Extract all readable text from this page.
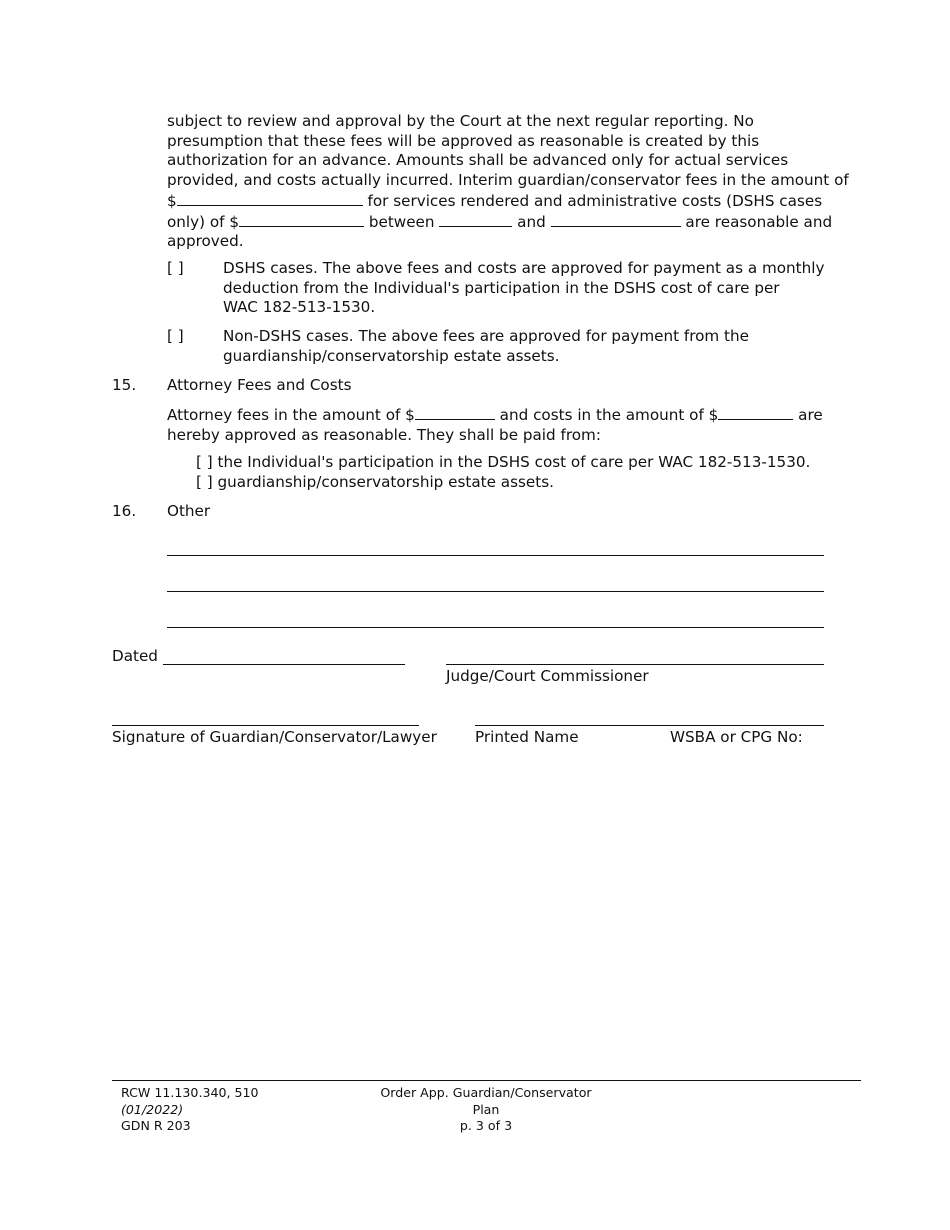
subject to review and approval by the Court at the next regular reporting. No
presumption that these fees will be approved as reasonable is created by this
authorization for an advance. Amounts shall be advanced only for actual services
provided, and costs actually incurred. Interim guardian/conservator fees in the amount of
$	for services rendered and administrative costs (DSHS cases
only) of $	between	and	are reasonable and
approved.
[ ]	DSHS cases. The above fees and costs are approved for payment as a monthly
deduction from the Individual's participation in the DSHS cost of care per
WAC 182-513-1530.
[ ]	Non-DSHS cases. The above fees are approved for payment from the
guardianship/conservatorship estate assets.
15. Attorney Fees and Costs
Attorney fees in the amount of $	and costs in the amount of $	are
hereby approved as reasonable. They shall be paid from:
[ ] the Individual's participation in the DSHS cost of care per WAC 182-513-1530.
[ ] guardianship/conservatorship estate assets.
16. Other
Dated
Judge/Court Commissioner
Signature of Guardian/Conservator/Lawyer	Printed Name	WSBA or CPG No:
RCW 11.130.340, 510
(01/2022)
GDN R 203
Order App. Guardian/Conservator
Plan
p. 3 of 3
